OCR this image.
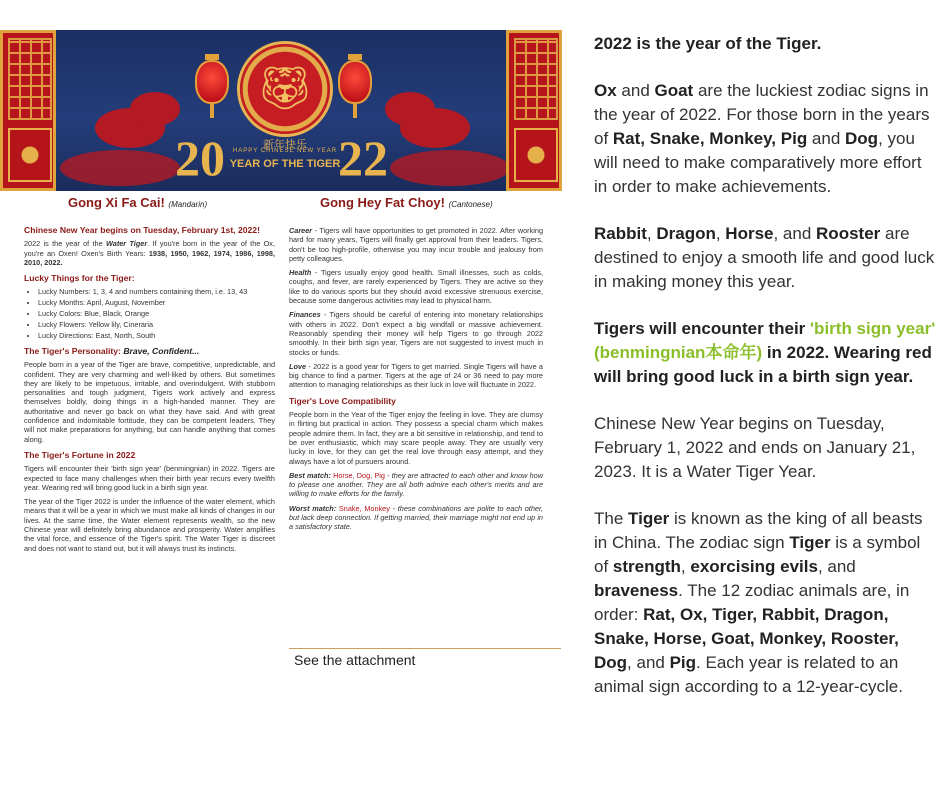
🐯︎
新年快乐
HAPPY CHINESE NEW YEAR
YEAR OF THE TIGER
20 22
Gong Xi Fa Cai! (Mandarin)	Gong Hey Fat Choy! (Cantonese)
Chinese New Year begins on Tuesday, February 1st, 2022!

2022 is the year of the Water Tiger. If you're born in the year of the Ox, you're an Oxen! Oxen's Birth Years: 1938, 1950, 1962, 1974, 1986, 1998, 2010, 2022.

Lucky Things for the Tiger:
• Lucky Numbers: 1, 3, 4 and numbers containing them, i.e. 13, 43
• Lucky Months: April, August, November
• Lucky Colors: Blue, Black, Orange
• Lucky Flowers: Yellow lily, Cineraria
• Lucky Directions: East, North, South
The Tiger's Personality: Brave, Confident...

People born in a year of the Tiger are brave, competitive, unpredictable, and confident. They are very charming and well-liked by others. But sometimes they are likely to be impetuous, irritable, and overindulgent. With stubborn personalities and tough judgment, Tigers work actively and express themselves boldly, doing things in a high-handed manner. They are authoritative and never go back on what they have said. And with great confidence and indomitable fortitude, they can be competent leaders. They will not make preparations for anything, but can handle anything that comes along.

The Tiger's Fortune in 2022

Tigers will encounter their 'birth sign year' (benmingnian) in 2022. Tigers are expected to face many challenges when their birth year recurs every twelfth year. Wearing red will bring good luck in a birth sign year.

The year of the Tiger 2022 is under the influence of the water element, which means that it will be a year in which we must make all kinds of changes in our lives. At the same time, the Water element represents wealth, so the new Chinese year will definitely bring abundance and prosperity. Water amplifies the vital force, and essence of the Tiger's spirit. The Water Tiger is discreet and does not want to stand out, but it will always trust its instincts.

Career - Tigers will have opportunities to get promoted in 2022. After working hard for many years, Tigers will finally get approval from their leaders. Tigers, don't be too high-profile, otherwise you may incur trouble and jealousy from petty colleagues.

Health - Tigers usually enjoy good health. Small illnesses, such as colds, coughs, and fever, are rarely experienced by Tigers. They are active so they like to do various sports but they should avoid excessive strenuous exercise, because some dangerous activities may lead to physical harm.

Finances - Tigers should be careful of entering into monetary relationships with others in 2022. Don't expect a big windfall or massive achievement. Reasonably spending their money will help Tigers to go through 2022 smoothly. In their birth sign year, Tigers are not suggested to invest much in stocks or funds.

Love - 2022 is a good year for Tigers to get married. Single Tigers will have a big chance to find a partner. Tigers at the age of 24 or 36 need to pay more attention to managing relationships as their luck in love will fluctuate in 2022.

Tiger's Love Compatibility

People born in the Year of the Tiger enjoy the feeling in love. They are clumsy in flirting but practical in action. They possess a special charm which makes people admire them. In fact, they are a bit sensitive in relationship, and tend to be over enthusiastic, which may scare people away. They are usually very lucky in love, for they can get the real love through easy attempt, and they always have a lot of pursuers around.

Best match: Horse, Dog, Pig - they are attracted to each other and know how to please one another. They are all both admire each other's merits and are willing to make efforts for the family.

Worst match: Snake, Monkey - these combinations are polite to each other, but lack deep connection. If getting married, their marriage might not end up in a satisfactory state.

See the attachment

2022 is the year of the Tiger.

Ox and Goat are the luckiest zodiac signs in the year of 2022. For those born in the years of Rat, Snake, Monkey, Pig and Dog, you will need to make comparatively more effort in order to make achievements.

Rabbit, Dragon, Horse, and Rooster are destined to enjoy a smooth life and good luck in making money this year.

Tigers will encounter their 'birth sign year' (benmingnian本命年) in 2022. Wearing red will bring good luck in a birth sign year.

Chinese New Year begins on Tuesday, February 1, 2022 and ends on January 21, 2023. It is a Water Tiger Year.

The Tiger is known as the king of all beasts in China. The zodiac sign Tiger is a symbol of strength, exorcising evils, and braveness. The 12 zodiac animals are, in order: Rat, Ox, Tiger, Rabbit, Dragon, Snake, Horse, Goat, Monkey, Rooster, Dog, and Pig. Each year is related to an animal sign according to a 12-year-cycle.
